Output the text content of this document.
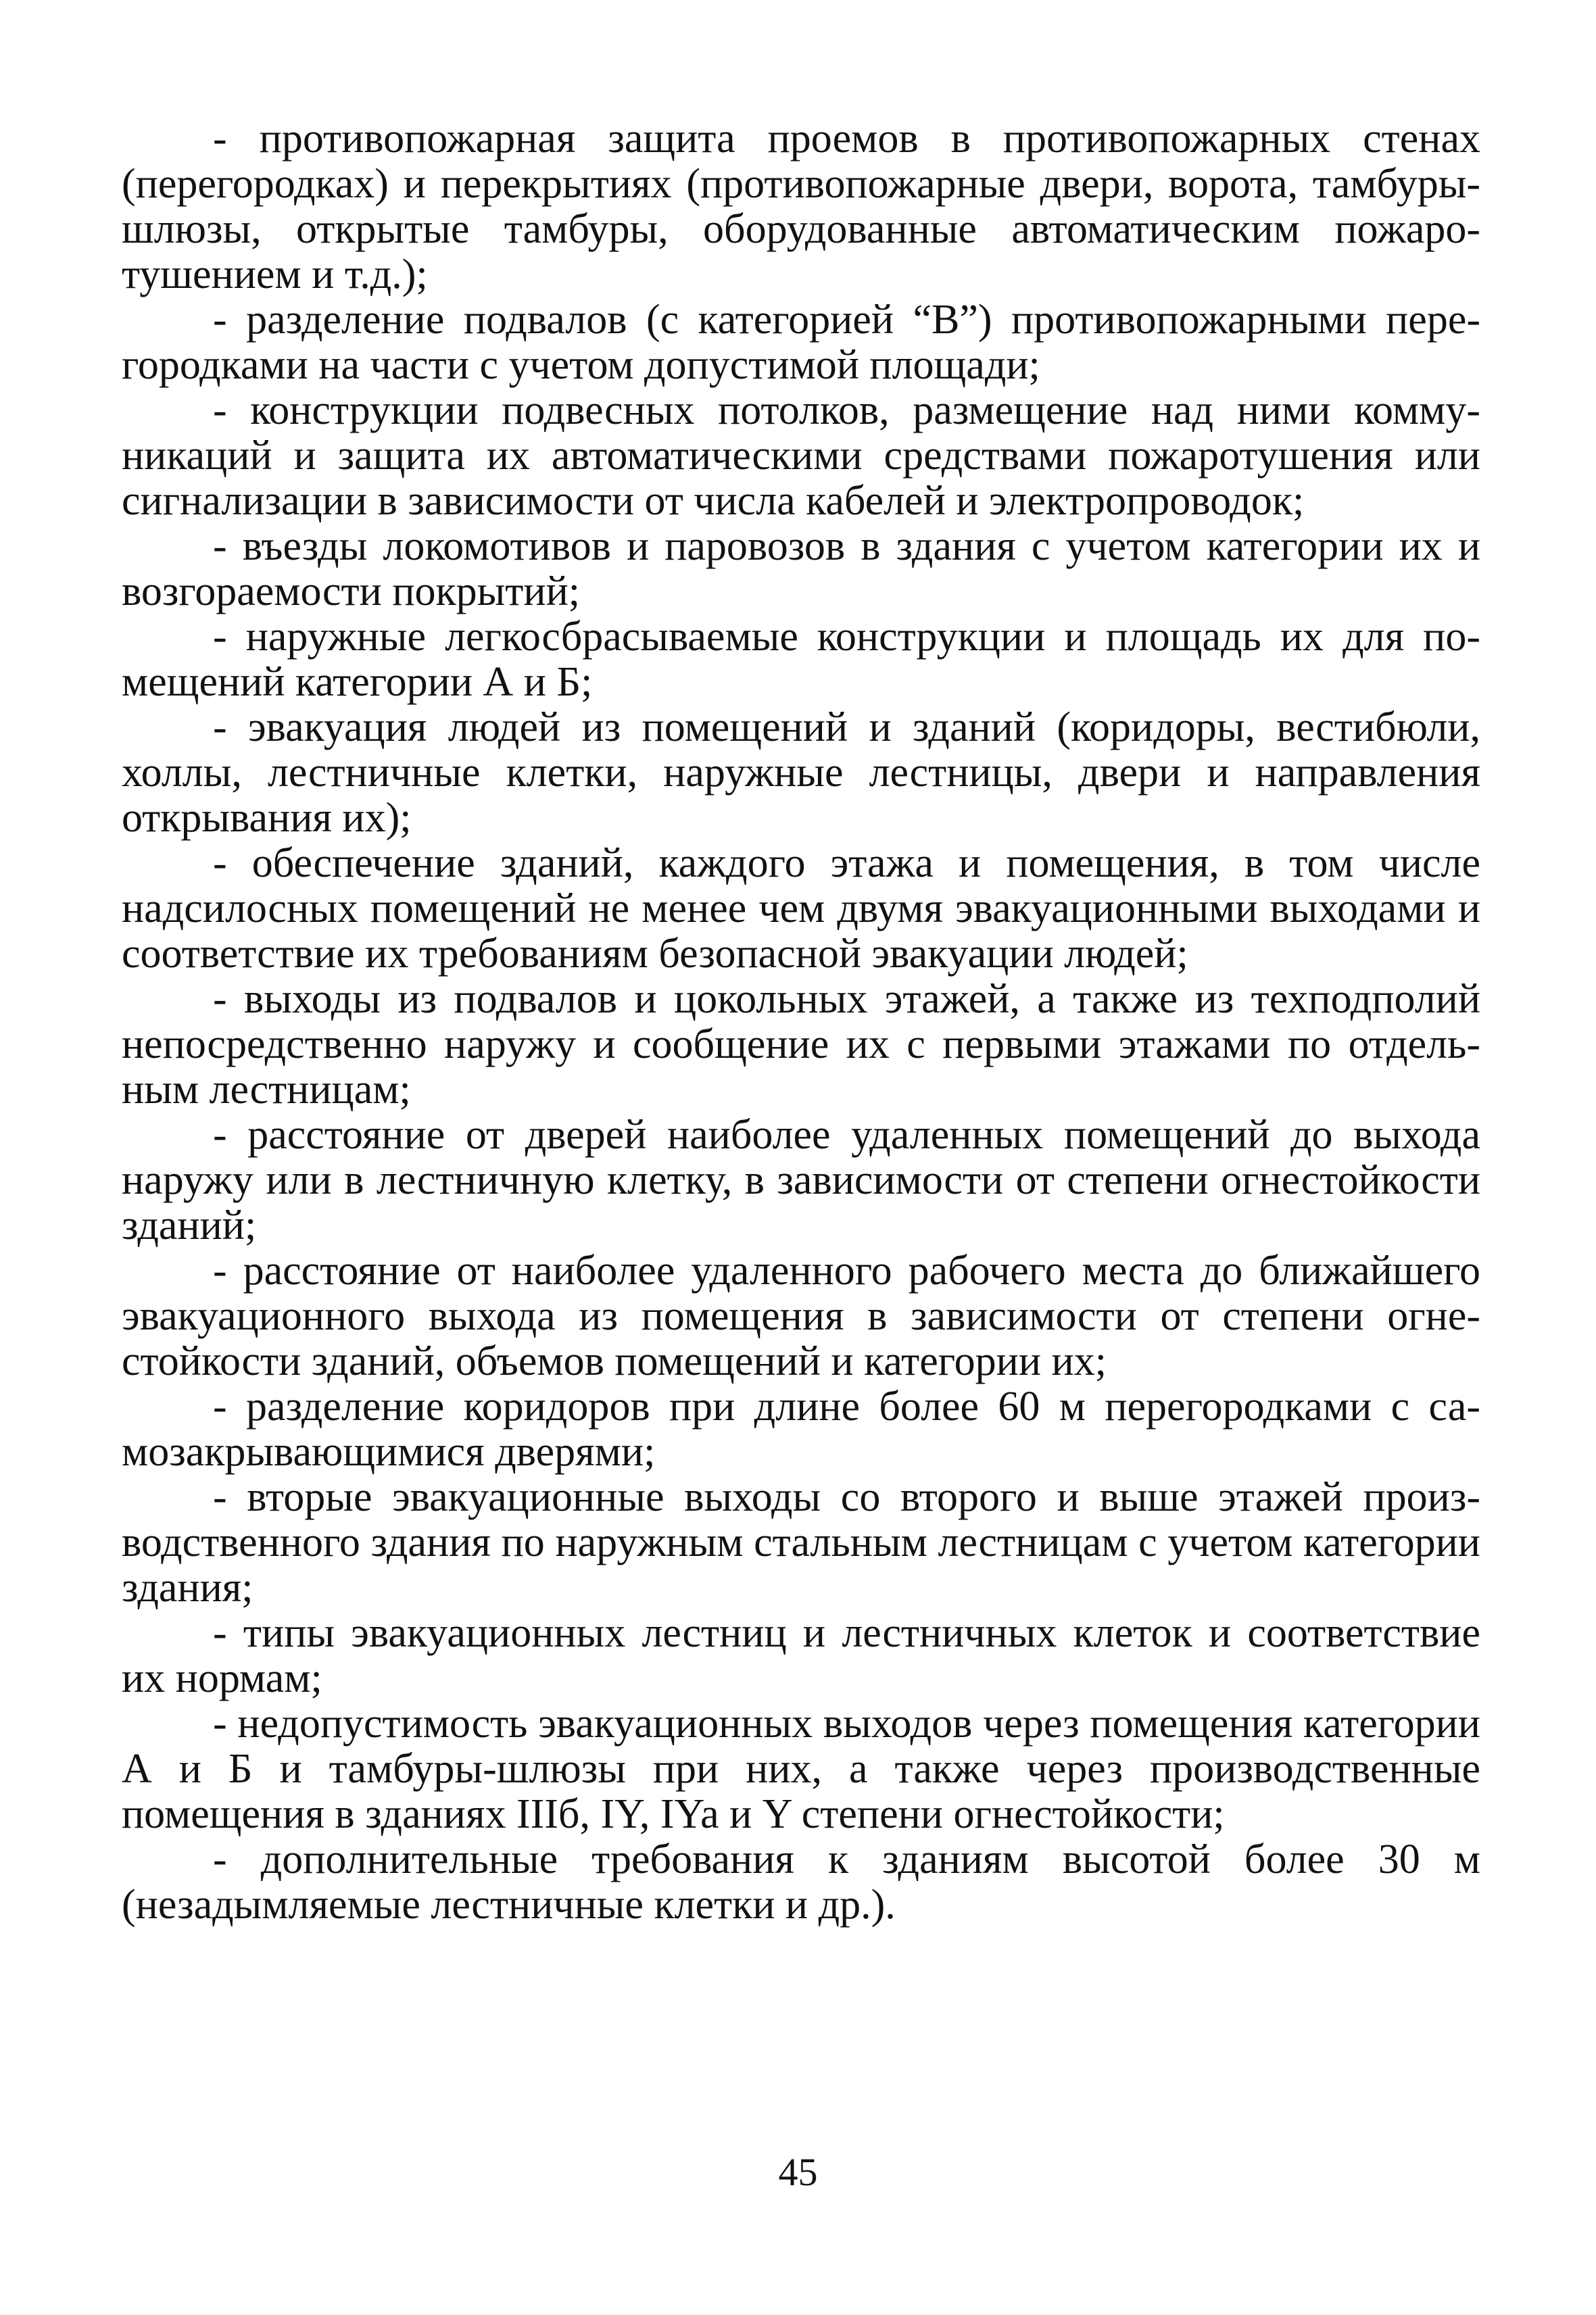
- противопожарная защита проемов в противопожарных стенах (перегородках) и перекрытиях (противопожарные двери, ворота, тамбуры-шлюзы, открытые тамбуры, оборудованные автоматическим пожаротушением и т.д.);

- разделение подвалов (с категорией “В”) противопожарными перегородками на части с учетом допустимой площади;

- конструкции подвесных потолков, размещение над ними коммуникаций и защита их автоматическими средствами пожаротушения или сигнализации в зависимости от числа кабелей и электропроводок;

- въезды локомотивов и паровозов в здания с учетом категории их и возгораемости покрытий;

- наружные легкосбрасываемые конструкции и площадь их для помещений категории А и Б;

- эвакуация людей из помещений и зданий (коридоры, вестибюли, холлы, лестничные клетки, наружные лестницы, двери и направления открывания их);

- обеспечение зданий, каждого этажа и помещения, в том числе надсилосных помещений не менее чем двумя эвакуационными выходами и соответствие их требованиям безопасной эвакуации людей;

- выходы из подвалов и цокольных этажей, а также из техподполий непосредственно наружу и сообщение их с первыми этажами по отдельным лестницам;

- расстояние от дверей наиболее удаленных помещений до выхода наружу или в лестничную клетку, в зависимости от степени огнестойкости зданий;

- расстояние от наиболее удаленного рабочего места до ближайшего эвакуационного выхода из помещения в зависимости от степени огнестойкости зданий, объемов помещений и категории их;

- разделение коридоров при длине более 60 м перегородками с самозакрывающимися дверями;

- вторые эвакуационные выходы со второго и выше этажей производственного здания по наружным стальным лестницам с учетом категории здания;

- типы эвакуационных лестниц и лестничных клеток и соответствие их нормам;

- недопустимость эвакуационных выходов через помещения категории А и Б и тамбуры-шлюзы при них, а также через производственные помещения в зданиях IIIб, IY, IYa и Y степени огнестойкости;

- дополнительные требования к зданиям высотой более 30 м (незадымляемые лестничные клетки и др.).

45
